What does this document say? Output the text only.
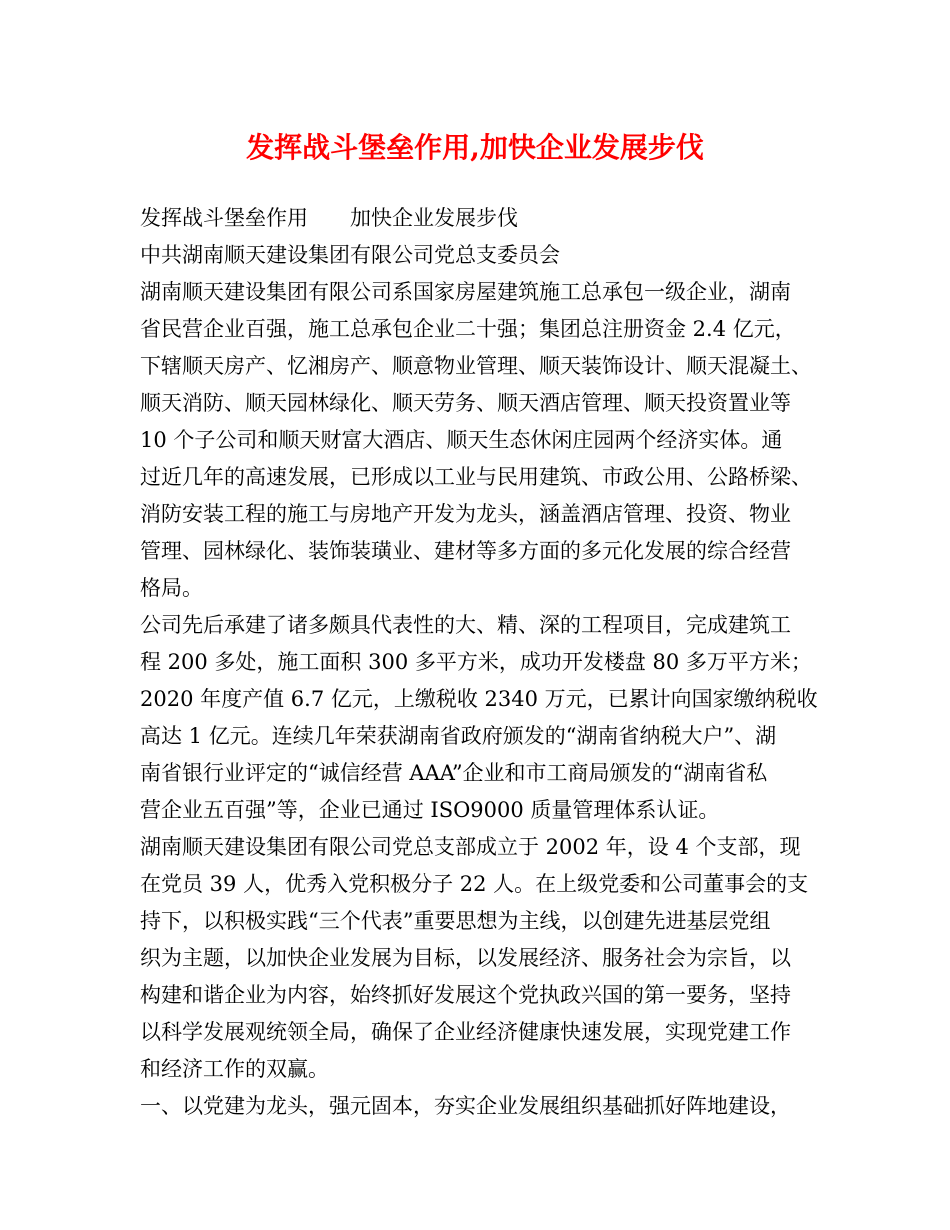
发挥战斗堡垒作用,加快企业发展步伐
发挥战斗堡垒作用　　加快企业发展步伐
中共湖南顺天建设集团有限公司党总支委员会
湖南顺天建设集团有限公司系国家房屋建筑施工总承包一级企业，湖南
省民营企业百强，施工总承包企业二十强；集团总注册资金 2.4 亿元，
下辖顺天房产、忆湘房产、顺意物业管理、顺天装饰设计、顺天混凝土、
顺天消防、顺天园林绿化、顺天劳务、顺天酒店管理、顺天投资置业等
10 个子公司和顺天财富大酒店、顺天生态休闲庄园两个经济实体。通
过近几年的高速发展，已形成以工业与民用建筑、市政公用、公路桥梁、
消防安装工程的施工与房地产开发为龙头，涵盖酒店管理、投资、物业
管理、园林绿化、装饰装璜业、建材等多方面的多元化发展的综合经营
格局。
公司先后承建了诸多颇具代表性的大、精、深的工程项目，完成建筑工
程 200 多处，施工面积 300 多平方米，成功开发楼盘 80 多万平方米；
2020 年度产值 6.7 亿元，上缴税收 2340 万元，已累计向国家缴纳税收
高达 1 亿元。连续几年荣获湖南省政府颁发的“湖南省纳税大户”、湖
南省银行业评定的“诚信经营 AAA”企业和市工商局颁发的“湖南省私
营企业五百强”等，企业已通过 ISO9000 质量管理体系认证。
湖南顺天建设集团有限公司党总支部成立于 2002 年，设 4 个支部，现
在党员 39 人，优秀入党积极分子 22 人。在上级党委和公司董事会的支
持下，以积极实践“三个代表”重要思想为主线，以创建先进基层党组
织为主题，以加快企业发展为目标，以发展经济、服务社会为宗旨，以
构建和谐企业为内容，始终抓好发展这个党执政兴国的第一要务，坚持
以科学发展观统领全局，确保了企业经济健康快速发展，实现党建工作
和经济工作的双赢。
一、以党建为龙头，强元固本，夯实企业发展组织基础抓好阵地建设，
